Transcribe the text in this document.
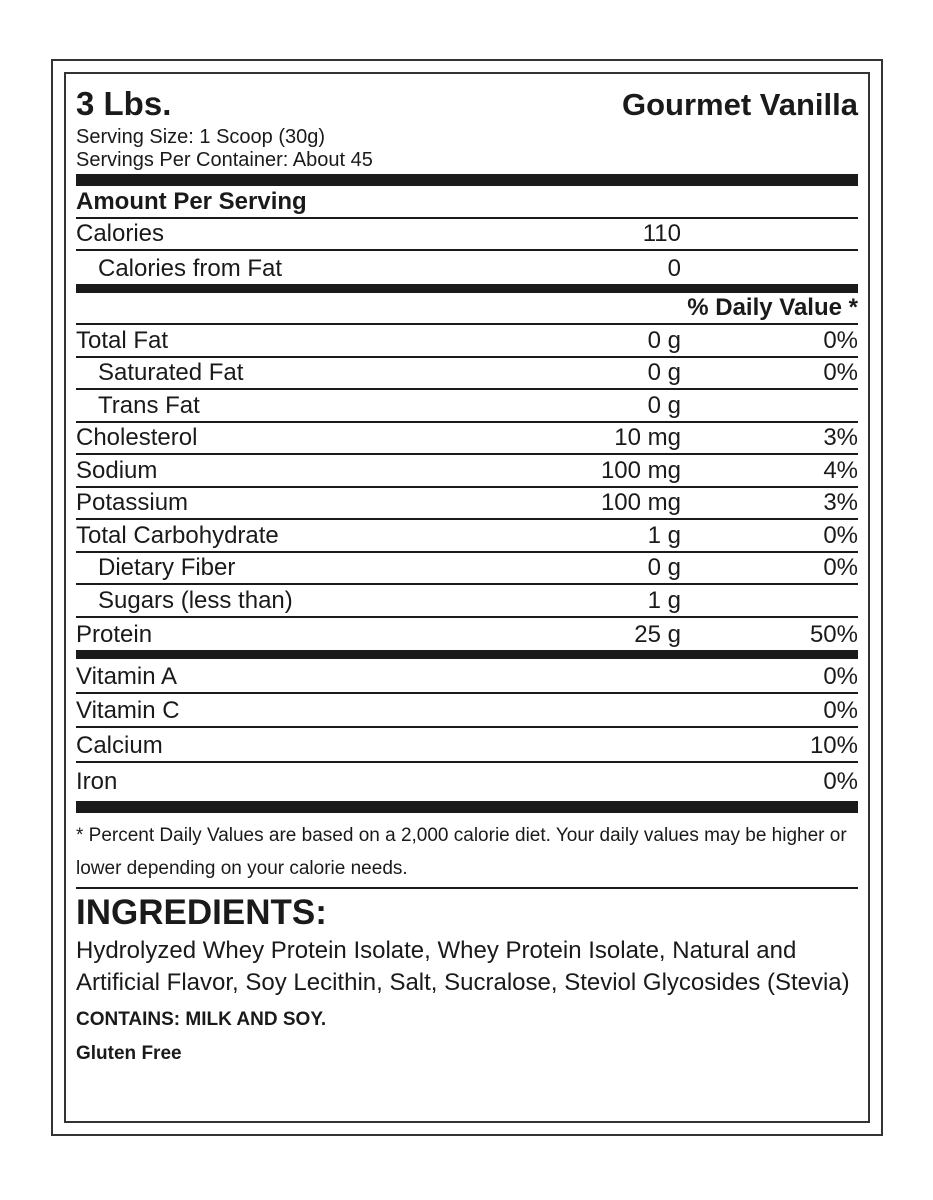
3 Lbs.	Gourmet Vanilla
Serving Size: 1 Scoop (30g)
Servings Per Container: About 45
Amount Per Serving
Calories	110
Calories from Fat	0
% Daily Value *
Total Fat	0 g	0%
Saturated Fat	0 g	0%
Trans Fat	0 g
Cholesterol	10 mg	3%
Sodium	100 mg	4%
Potassium	100 mg	3%
Total Carbohydrate	1 g	0%
Dietary Fiber	0 g	0%
Sugars (less than)	1 g
Protein	25 g	50%
Vitamin A	0%
Vitamin C	0%
Calcium	10%
Iron	0%
* Percent Daily Values are based on a 2,000 calorie diet. Your daily values may be higher or lower depending on your calorie needs.
INGREDIENTS:
Hydrolyzed Whey Protein Isolate, Whey Protein Isolate, Natural and Artificial Flavor, Soy Lecithin, Salt, Sucralose, Steviol Glycosides (Stevia)
CONTAINS: MILK AND SOY.
Gluten Free
